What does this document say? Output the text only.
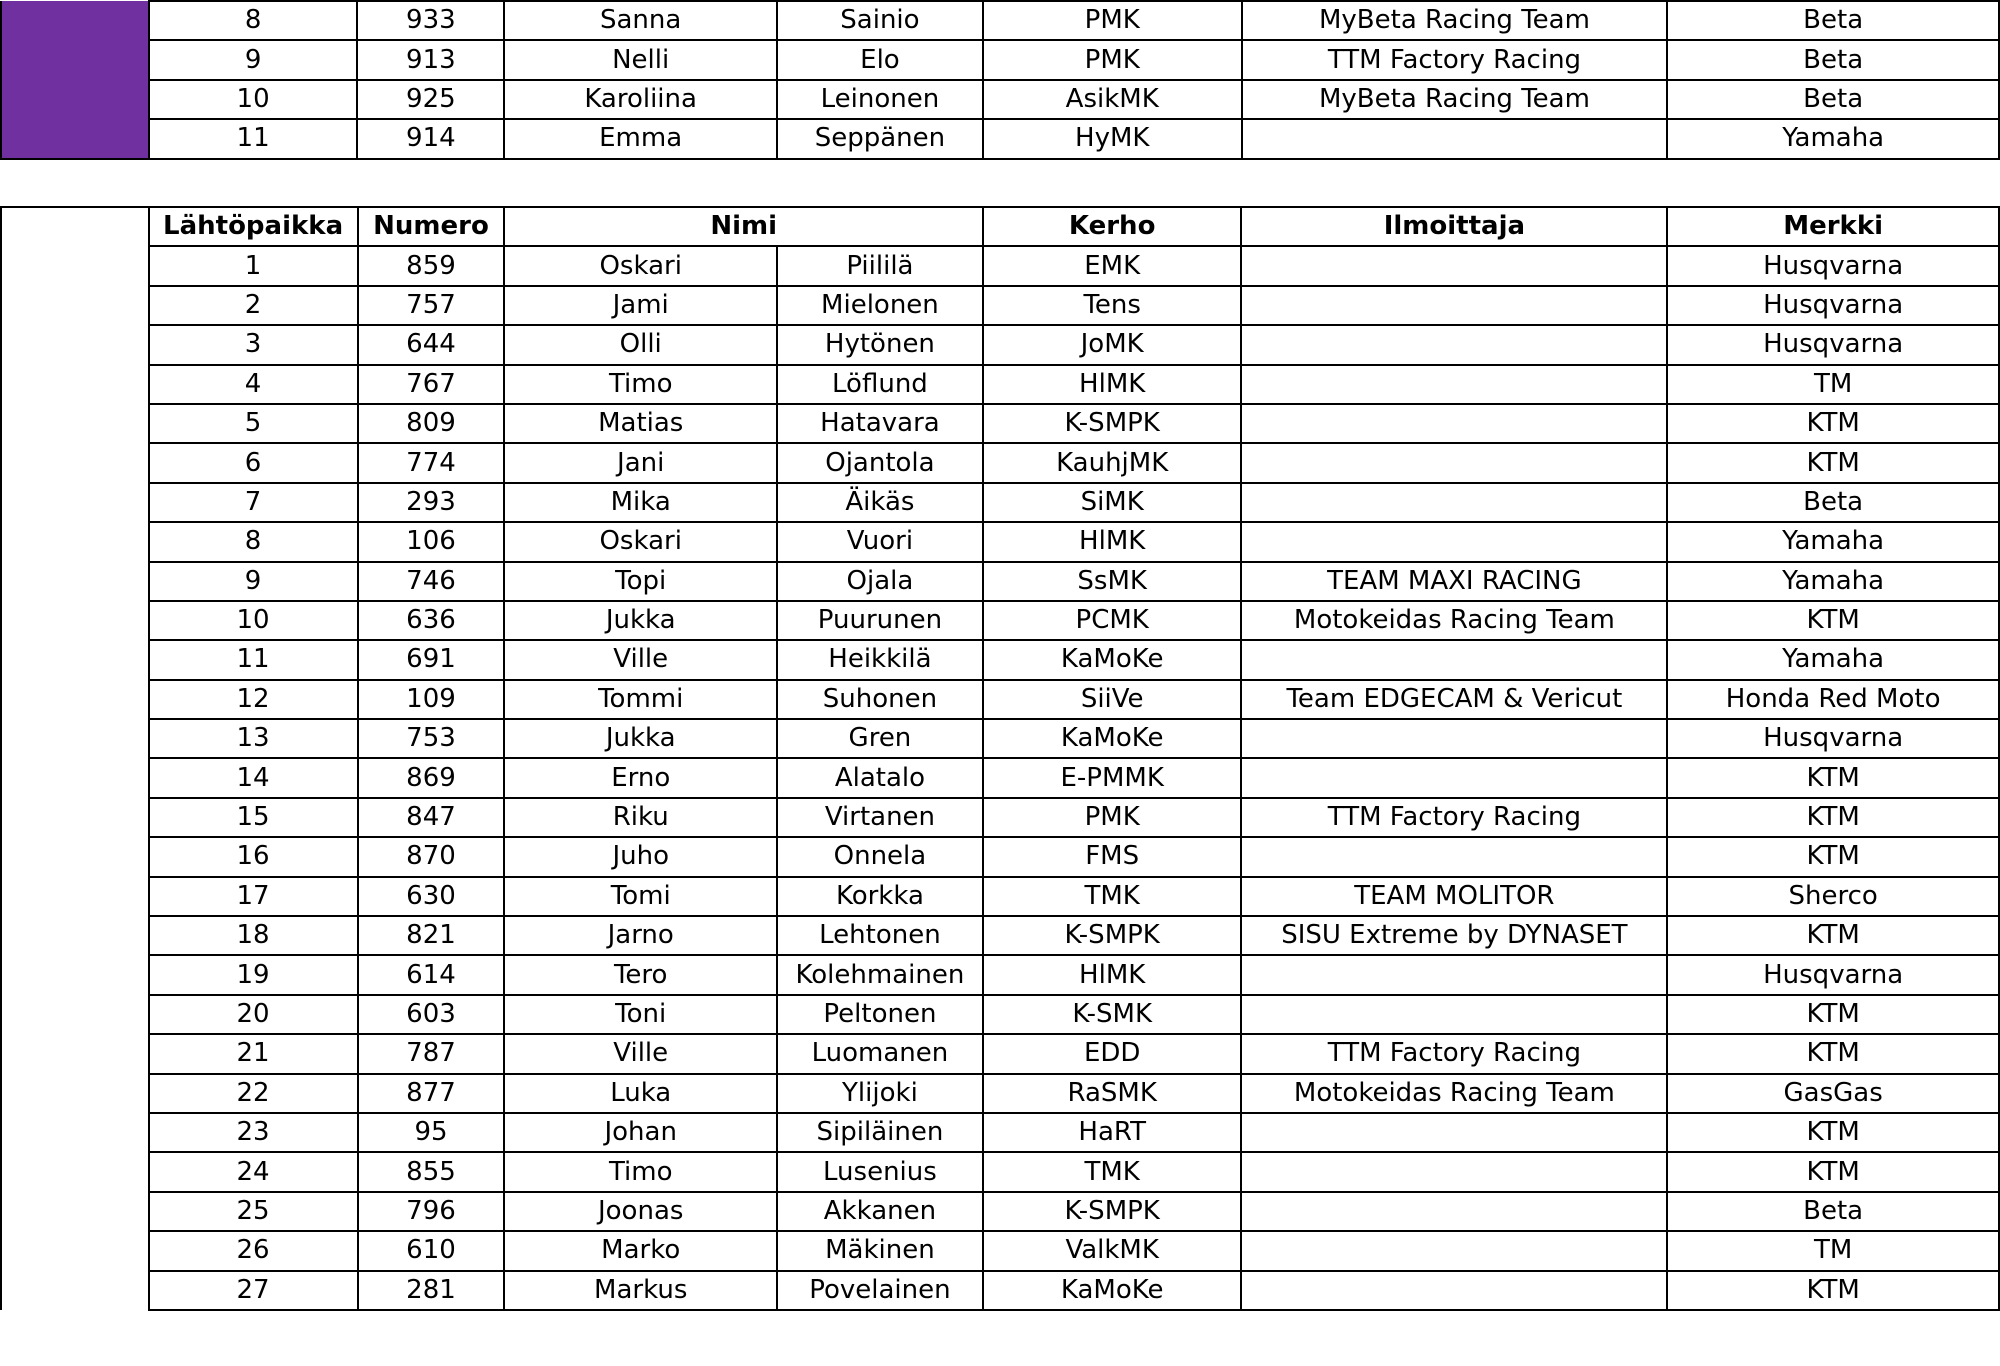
	8	933	Sanna	Sainio	PMK	MyBeta Racing Team	Beta
	9	913	Nelli	Elo	PMK	TTM Factory Racing	Beta
	10	925	Karoliina	Leinonen	AsikMK	MyBeta Racing Team	Beta
	11	914	Emma	Seppänen	HyMK		Yamaha
	Lähtöpaikka	Numero	Nimi		Kerho	Ilmoittaja	Merkki
	1	859	Oskari	Piililä	EMK		Husqvarna
	2	757	Jami	Mielonen	Tens		Husqvarna
	3	644	Olli	Hytönen	JoMK		Husqvarna
	4	767	Timo	Löflund	HlMK		TM
	5	809	Matias	Hatavara	K-SMPK		KTM
	6	774	Jani	Ojantola	KauhjMK		KTM
	7	293	Mika	Äikäs	SiMK		Beta
	8	106	Oskari	Vuori	HlMK		Yamaha
	9	746	Topi	Ojala	SsMK	TEAM MAXI RACING	Yamaha
	10	636	Jukka	Puurunen	PCMK	Motokeidas Racing Team	KTM
	11	691	Ville	Heikkilä	KaMoKe		Yamaha
	12	109	Tommi	Suhonen	SiiVe	Team EDGECAM & Vericut	Honda Red Moto
	13	753	Jukka	Gren	KaMoKe		Husqvarna
	14	869	Erno	Alatalo	E-PMMK		KTM
	15	847	Riku	Virtanen	PMK	TTM Factory Racing	KTM
	16	870	Juho	Onnela	FMS		KTM
	17	630	Tomi	Korkka	TMK	TEAM MOLITOR	Sherco
	18	821	Jarno	Lehtonen	K-SMPK	SISU Extreme by DYNASET	KTM
	19	614	Tero	Kolehmainen	HlMK		Husqvarna
	20	603	Toni	Peltonen	K-SMK		KTM
	21	787	Ville	Luomanen	EDD	TTM Factory Racing	KTM
	22	877	Luka	Ylijoki	RaSMK	Motokeidas Racing Team	GasGas
	23	95	Johan	Sipiläinen	HaRT		KTM
	24	855	Timo	Lusenius	TMK		KTM
	25	796	Joonas	Akkanen	K-SMPK		Beta
	26	610	Marko	Mäkinen	ValkMK		TM
	27	281	Markus	Povelainen	KaMoKe		KTM
